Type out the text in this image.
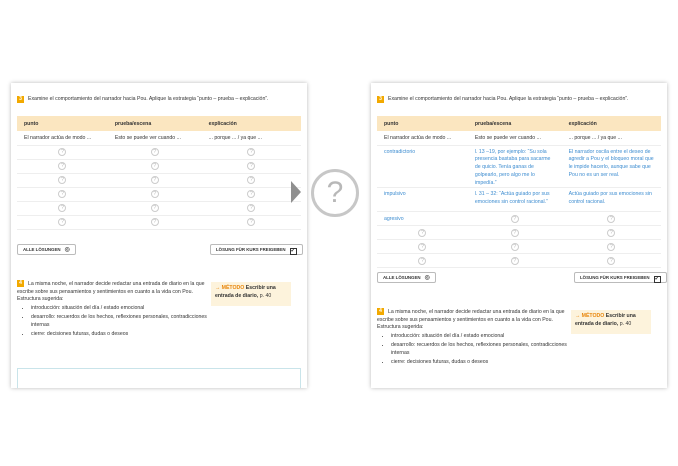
3 Examine el comportamiento del narrador hacia Pou. Aplique la estrategia “punto – prueba – explicación”.
punto	prueba/escena	explicación
El narrador actúa de modo ...	Esto se puede ver cuando ...	... porque ... / ya que ...
?	?	?
?	?	?
?	?	?
?	?	?
?	?	?
?	?	?
ALLE LÖSUNGEN ◎	LÖSUNG FÜR KURS FREIGEBEN ✓
4 La misma noche, el narrador decide redactar una entrada de diario en la que escribe sobre sus pensamientos y sentimientos en cuanto a la vida con Pou.
Estructura sugerida:
• introducción: situación del día / estado emocional
• desarrollo: recuerdos de los hechos, reflexiones personales, contradicciones internas
• cierre: decisiones futuras, dudas o deseos
→ MÉTODO Escribir una entrada de diario, p. 40
?
3 Examine el comportamiento del narrador hacia Pou. Aplique la estrategia “punto – prueba – explicación”.
punto	prueba/escena	explicación
El narrador actúa de modo ...	Esto se puede ver cuando ...	... porque ... / ya que ...
contradictorio	l. 13 –19, por ejemplo: “Su sola presencia bastaba para sacarme de quicio. Tenía ganas de golpearlo, pero algo me lo impedía.”	El narrador oscila entre el deseo de agredir a Pou y el bloqueo moral que le impide hacerlo, aunque sabe que Pou no es un ser real.
impulsivo	l. 31 – 32: “Actúa guiado por sus emociones sin control racional.”	Actúa guiado por sus emociones sin control racional.
agresivo	?	?
?	?	?
?	?	?
?	?	?
ALLE LÖSUNGEN ◎	LÖSUNG FÜR KURS FREIGEBEN ✓
4 La misma noche, el narrador decide redactar una entrada de diario en la que escribe sobre sus pensamientos y sentimientos en cuanto a la vida con Pou.
Estructura sugerida:
• introducción: situación del día / estado emocional
• desarrollo: recuerdos de los hechos, reflexiones personales, contradicciones internas
• cierre: decisiones futuras, dudas o deseos
→ MÉTODO Escribir una entrada de diario, p. 40
